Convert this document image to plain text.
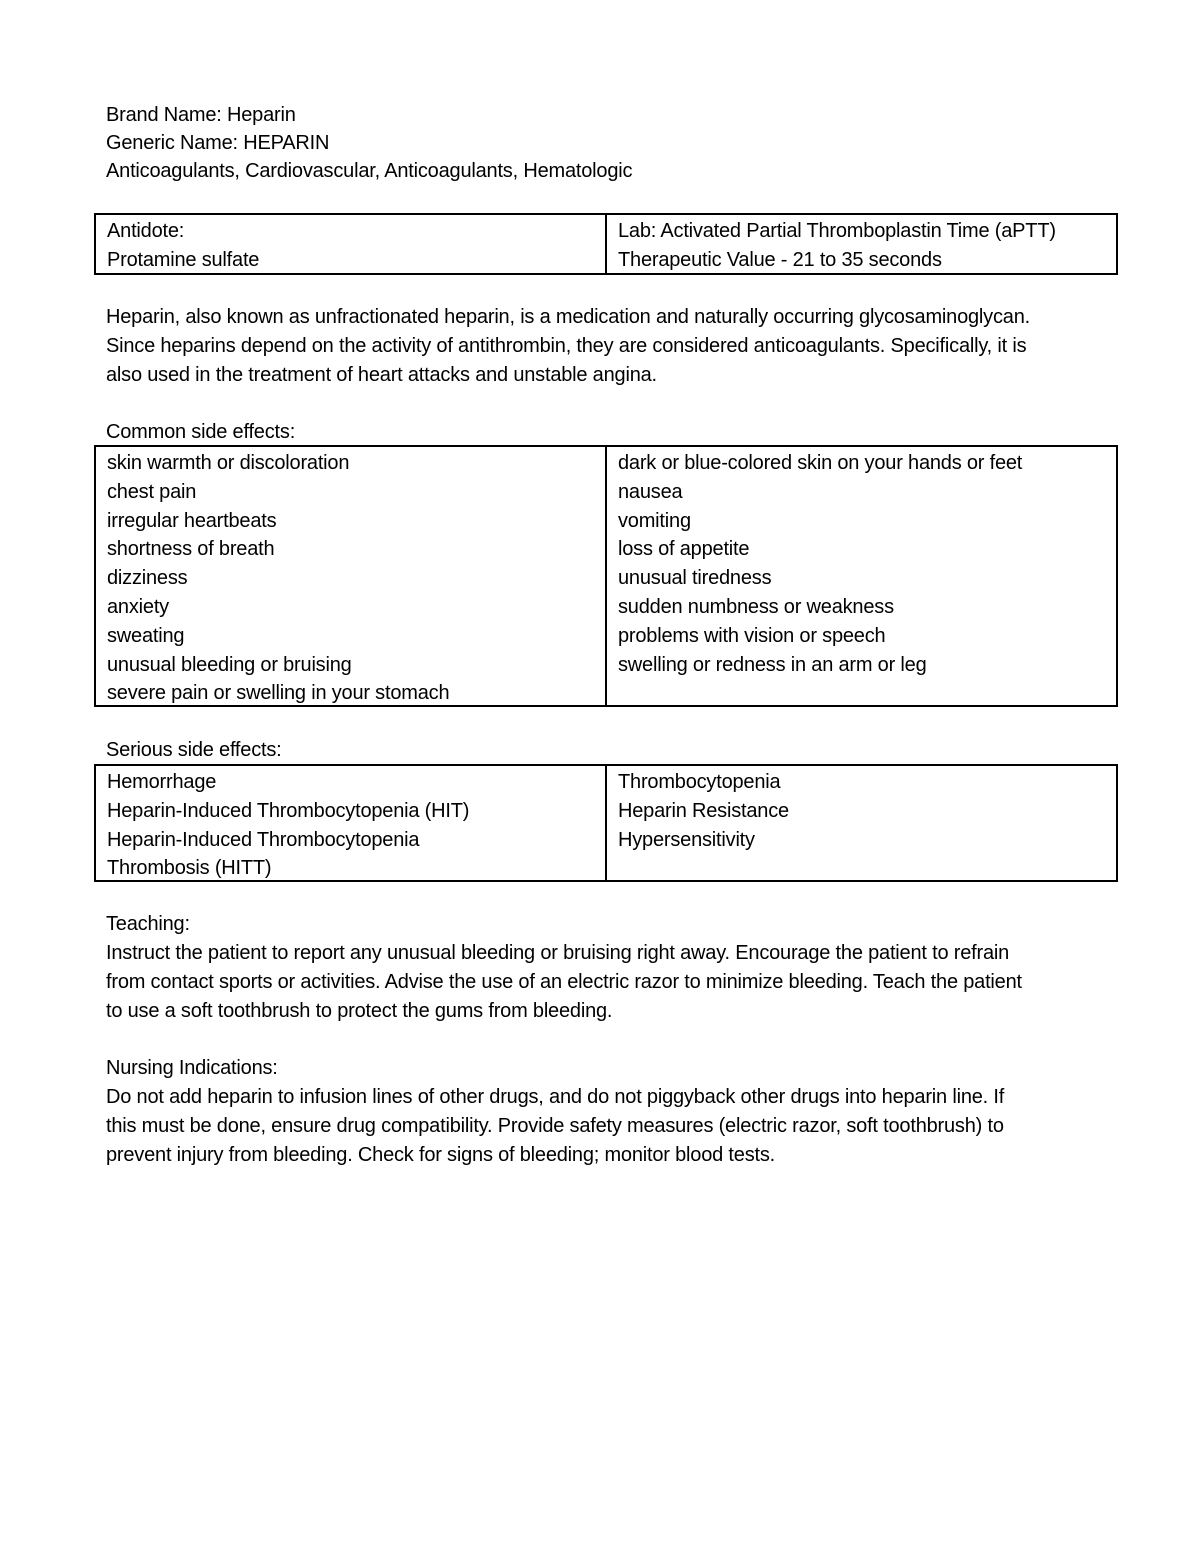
Brand Name: Heparin
Generic Name: HEPARIN
Anticoagulants, Cardiovascular, Anticoagulants, Hematologic
Antidote:
Protamine sulfate
Lab: Activated Partial Thromboplastin Time (aPTT)
Therapeutic Value - 21 to 35 seconds
Heparin, also known as unfractionated heparin, is a medication and naturally occurring glycosaminoglycan.
Since heparins depend on the activity of antithrombin, they are considered anticoagulants. Specifically, it is
also used in the treatment of heart attacks and unstable angina.
Common side effects:
skin warmth or discoloration
chest pain
irregular heartbeats
shortness of breath
dizziness
anxiety
sweating
unusual bleeding or bruising
severe pain or swelling in your stomach
dark or blue-colored skin on your hands or feet
nausea
vomiting
loss of appetite
unusual tiredness
sudden numbness or weakness
problems with vision or speech
swelling or redness in an arm or leg
Serious side effects:
Hemorrhage
Heparin-Induced Thrombocytopenia (HIT)
Heparin-Induced Thrombocytopenia
Thrombosis (HITT)
Thrombocytopenia
Heparin Resistance
Hypersensitivity
Teaching:
Instruct the patient to report any unusual bleeding or bruising right away. Encourage the patient to refrain
from contact sports or activities. Advise the use of an electric razor to minimize bleeding. Teach the patient
to use a soft toothbrush to protect the gums from bleeding.
Nursing Indications:
Do not add heparin to infusion lines of other drugs, and do not piggyback other drugs into heparin line. If
this must be done, ensure drug compatibility. Provide safety measures (electric razor, soft toothbrush) to
prevent injury from bleeding. Check for signs of bleeding; monitor blood tests.
